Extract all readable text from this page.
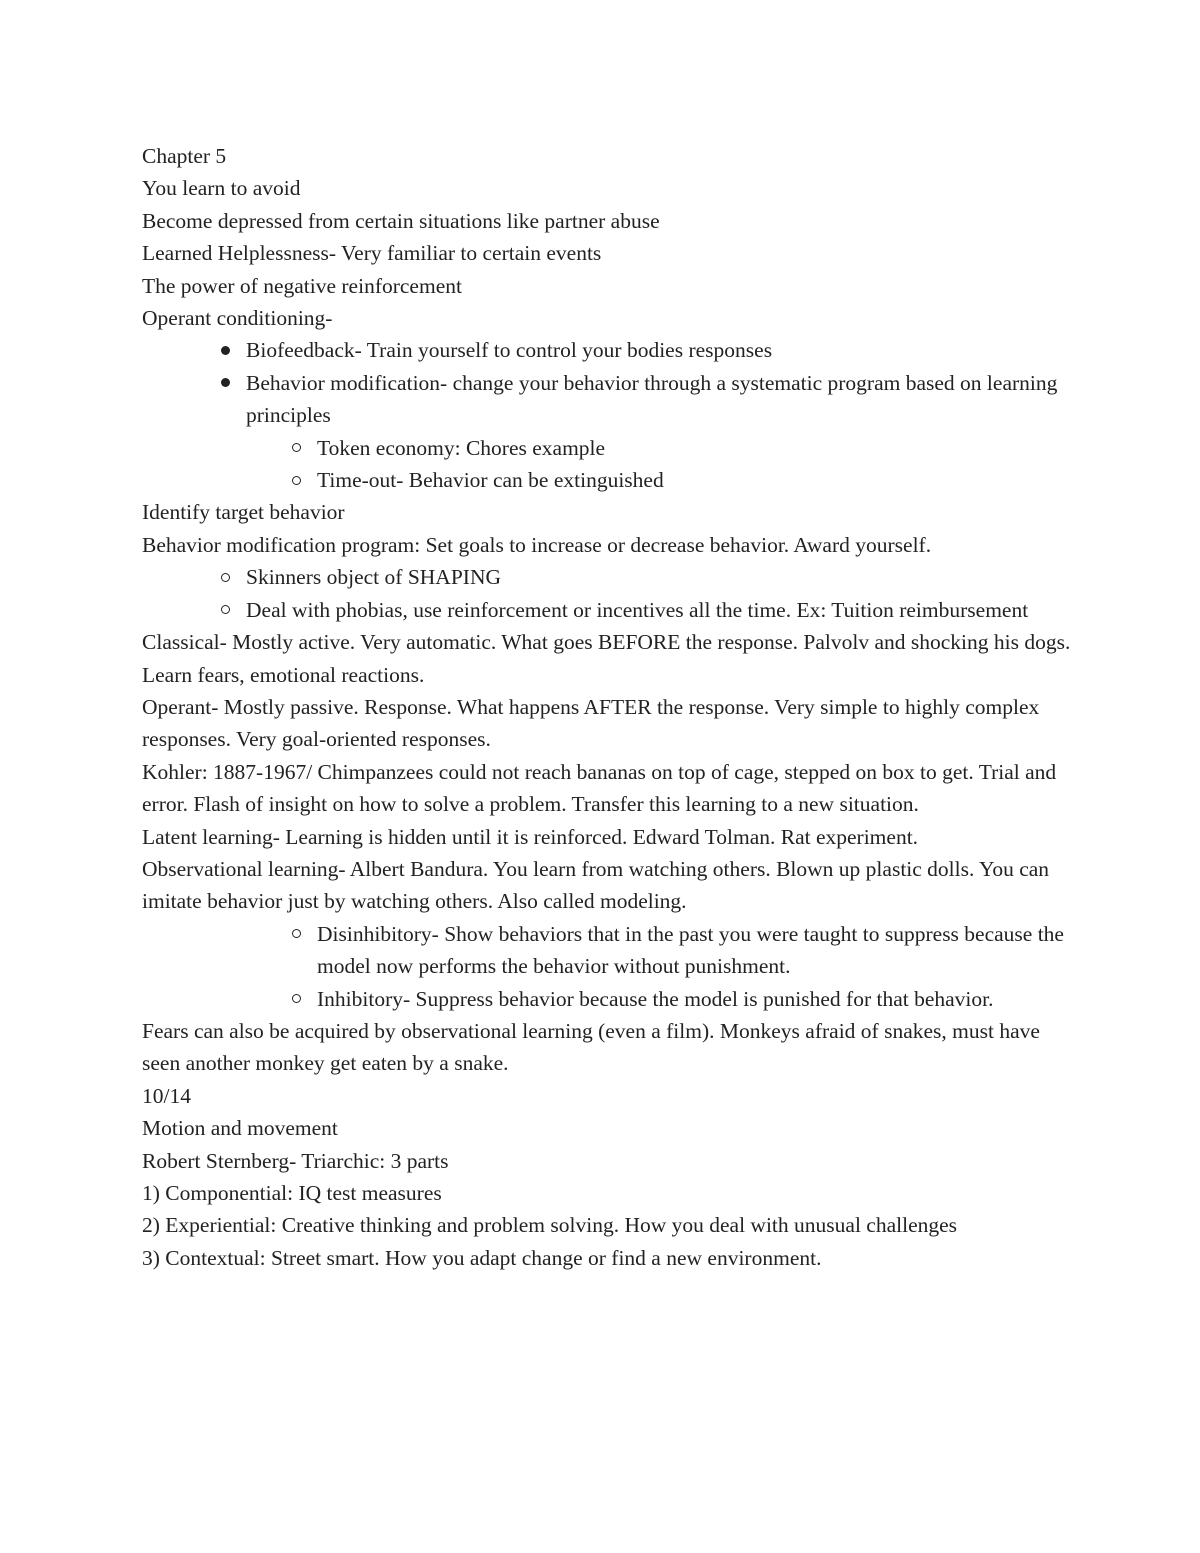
Chapter 5

You learn to avoid

Become depressed from certain situations like partner abuse

Learned Helplessness- Very familiar to certain events

The power of negative reinforcement

Operant conditioning-

Biofeedback- Train yourself to control your bodies responses
Behavior modification- change your behavior through a systematic program based on learning principles
Token economy: Chores example
Time-out- Behavior can be extinguished

Identify target behavior

Behavior modification program: Set goals to increase or decrease behavior. Award yourself.

Skinners object of SHAPING
Deal with phobias, use reinforcement or incentives all the time. Ex: Tuition reimbursement

Classical- Mostly active. Very automatic. What goes BEFORE the response. Palvolv and shocking his dogs. Learn fears, emotional reactions.

Operant- Mostly passive. Response. What happens AFTER the response. Very simple to highly complex responses. Very goal-oriented responses.

Kohler: 1887-1967/ Chimpanzees could not reach bananas on top of cage, stepped on box to get. Trial and error. Flash of insight on how to solve a problem. Transfer this learning to a new situation.

Latent learning- Learning is hidden until it is reinforced. Edward Tolman. Rat experiment.

Observational learning- Albert Bandura. You learn from watching others. Blown up plastic dolls. You can imitate behavior just by watching others. Also called modeling.

Disinhibitory- Show behaviors that in the past you were taught to suppress because the model now performs the behavior without punishment.
Inhibitory- Suppress behavior because the model is punished for that behavior.

Fears can also be acquired by observational learning (even a film). Monkeys afraid of snakes, must have seen another monkey get eaten by a snake.

10/14

Motion and movement

Robert Sternberg- Triarchic: 3 parts

1) Componential: IQ test measures

2) Experiential: Creative thinking and problem solving. How you deal with unusual challenges

3) Contextual: Street smart. How you adapt change or find a new environment.
